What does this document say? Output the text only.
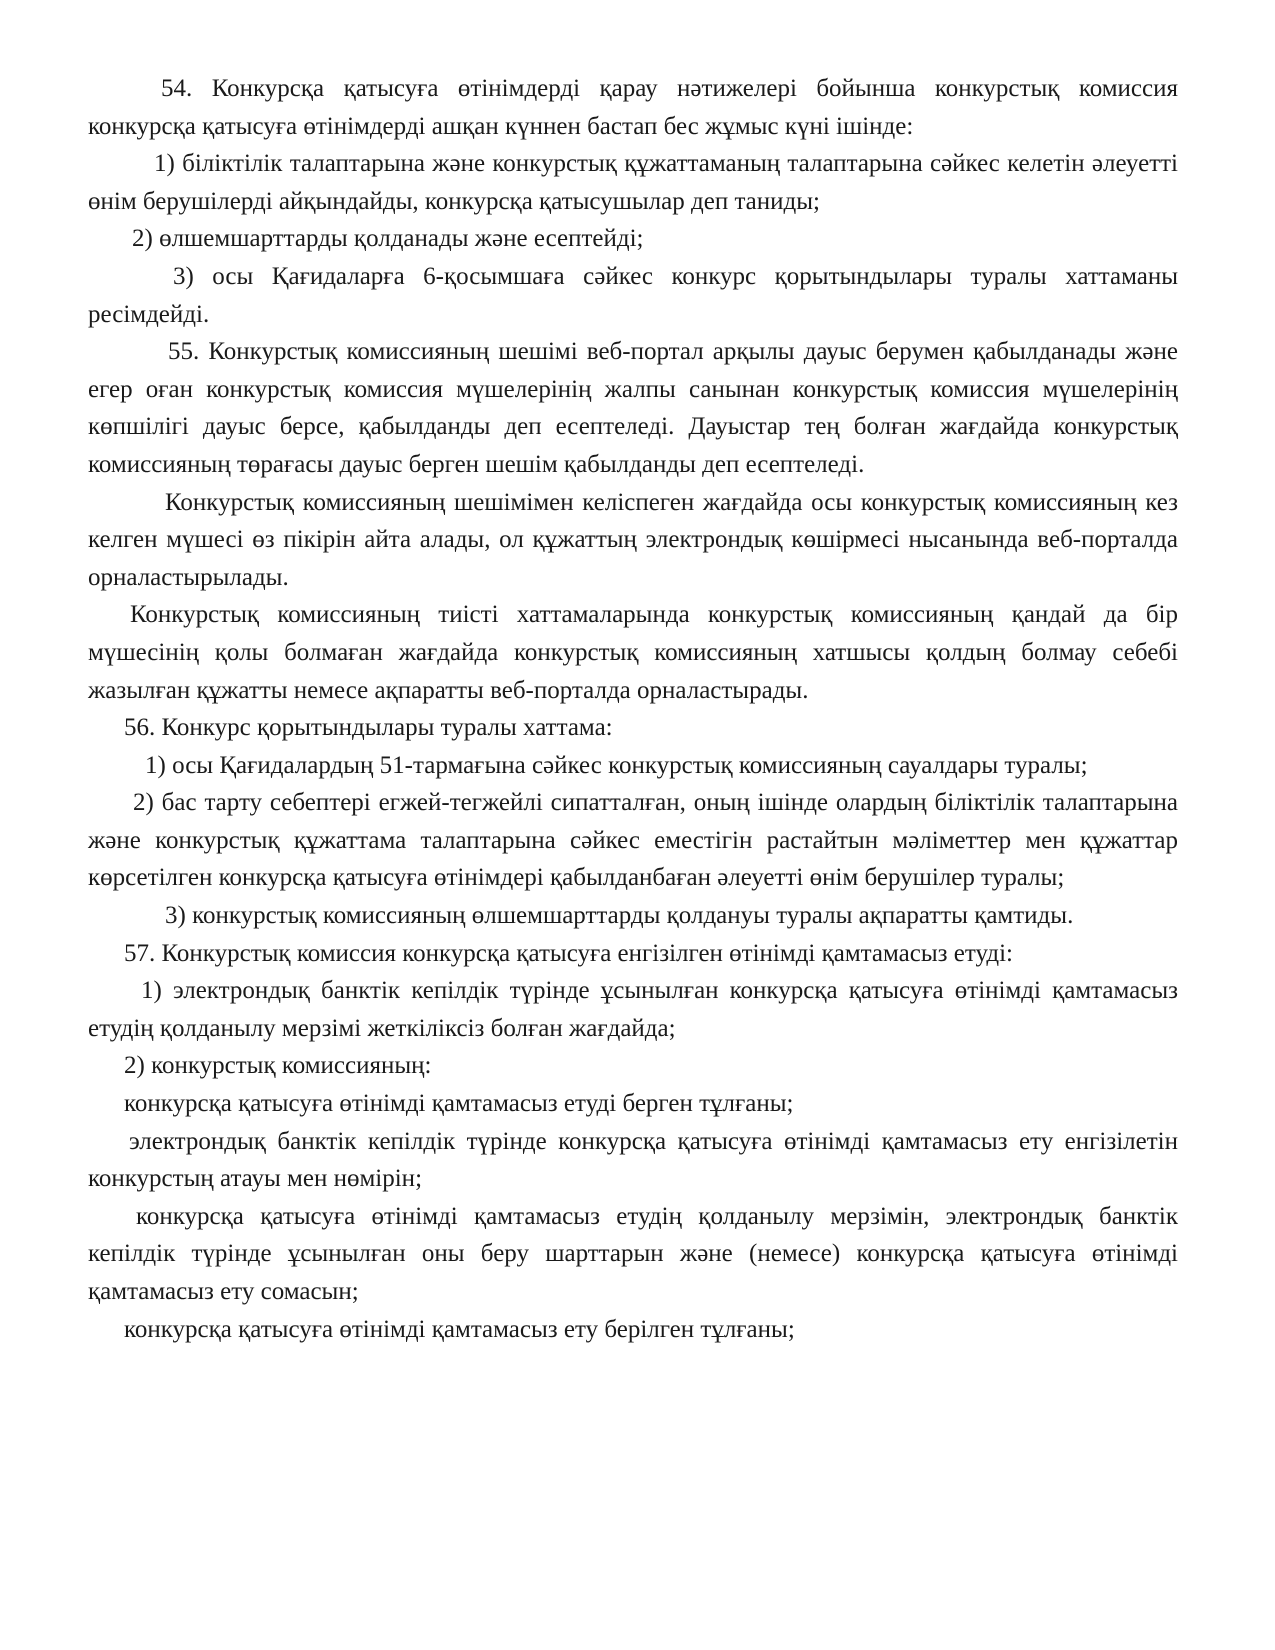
54. Конкурсқа қатысуға өтінімдерді қарау нәтижелері бойынша конкурстық комиссия конкурсқа қатысуға өтінімдерді ашқан күннен бастап бес жұмыс күні ішінде:

1) біліктілік талаптарына және конкурстық құжаттаманың талаптарына сәйкес келетін әлеуетті өнім берушілерді айқындайды, конкурсқа қатысушылар деп таниды;

2) өлшемшарттарды қолданады және есептейді;

3) осы Қағидаларға 6-қосымшаға сәйкес конкурс қорытындылары туралы хаттаманы ресімдейді.

55. Конкурстық комиссияның шешімі веб-портал арқылы дауыс берумен қабылданады және егер оған конкурстық комиссия мүшелерінің жалпы санынан конкурстық комиссия мүшелерінің көпшілігі дауыс берсе, қабылданды деп есептеледі. Дауыстар тең болған жағдайда конкурстық комиссияның төрағасы дауыс берген шешім қабылданды деп есептеледі.

Конкурстық комиссияның шешімімен келіспеген жағдайда осы конкурстық комиссияның кез келген мүшесі өз пікірін айта алады, ол құжаттың электрондық көшірмесі нысанында веб-порталда орналастырылады.

Конкурстық комиссияның тиісті хаттамаларында конкурстық комиссияның қандай да бір мүшесінің қолы болмаған жағдайда конкурстық комиссияның хатшысы қолдың болмау себебі жазылған құжатты немесе ақпаратты веб-порталда орналастырады.

56. Конкурс қорытындылары туралы хаттама:

1) осы Қағидалардың 51-тармағына сәйкес конкурстық комиссияның сауалдары туралы;

2) бас тарту себептері егжей-тегжейлі сипатталған, оның ішінде олардың біліктілік талаптарына және конкурстық құжаттама талаптарына сәйкес еместігін растайтын мәліметтер мен құжаттар көрсетілген конкурсқа қатысуға өтінімдері қабылданбаған әлеуетті өнім берушілер туралы;

3) конкурстық комиссияның өлшемшарттарды қолдануы туралы ақпаратты қамтиды.

57. Конкурстық комиссия конкурсқа қатысуға енгізілген өтінімді қамтамасыз етуді:

1) электрондық банктік кепілдік түрінде ұсынылған конкурсқа қатысуға өтінімді қамтамасыз етудің қолданылу мерзімі жеткіліксіз болған жағдайда;

2) конкурстық комиссияның:

конкурсқа қатысуға өтінімді қамтамасыз етуді берген тұлғаны;

электрондық банктік кепілдік түрінде конкурсқа қатысуға өтінімді қамтамасыз ету енгізілетін конкурстың атауы мен нөмірін;

конкурсқа қатысуға өтінімді қамтамасыз етудің қолданылу мерзімін, электрондық банктік кепілдік түрінде ұсынылған оны беру шарттарын және (немесе) конкурсқа қатысуға өтінімді қамтамасыз ету сомасын;

конкурсқа қатысуға өтінімді қамтамасыз ету берілген тұлғаны;
